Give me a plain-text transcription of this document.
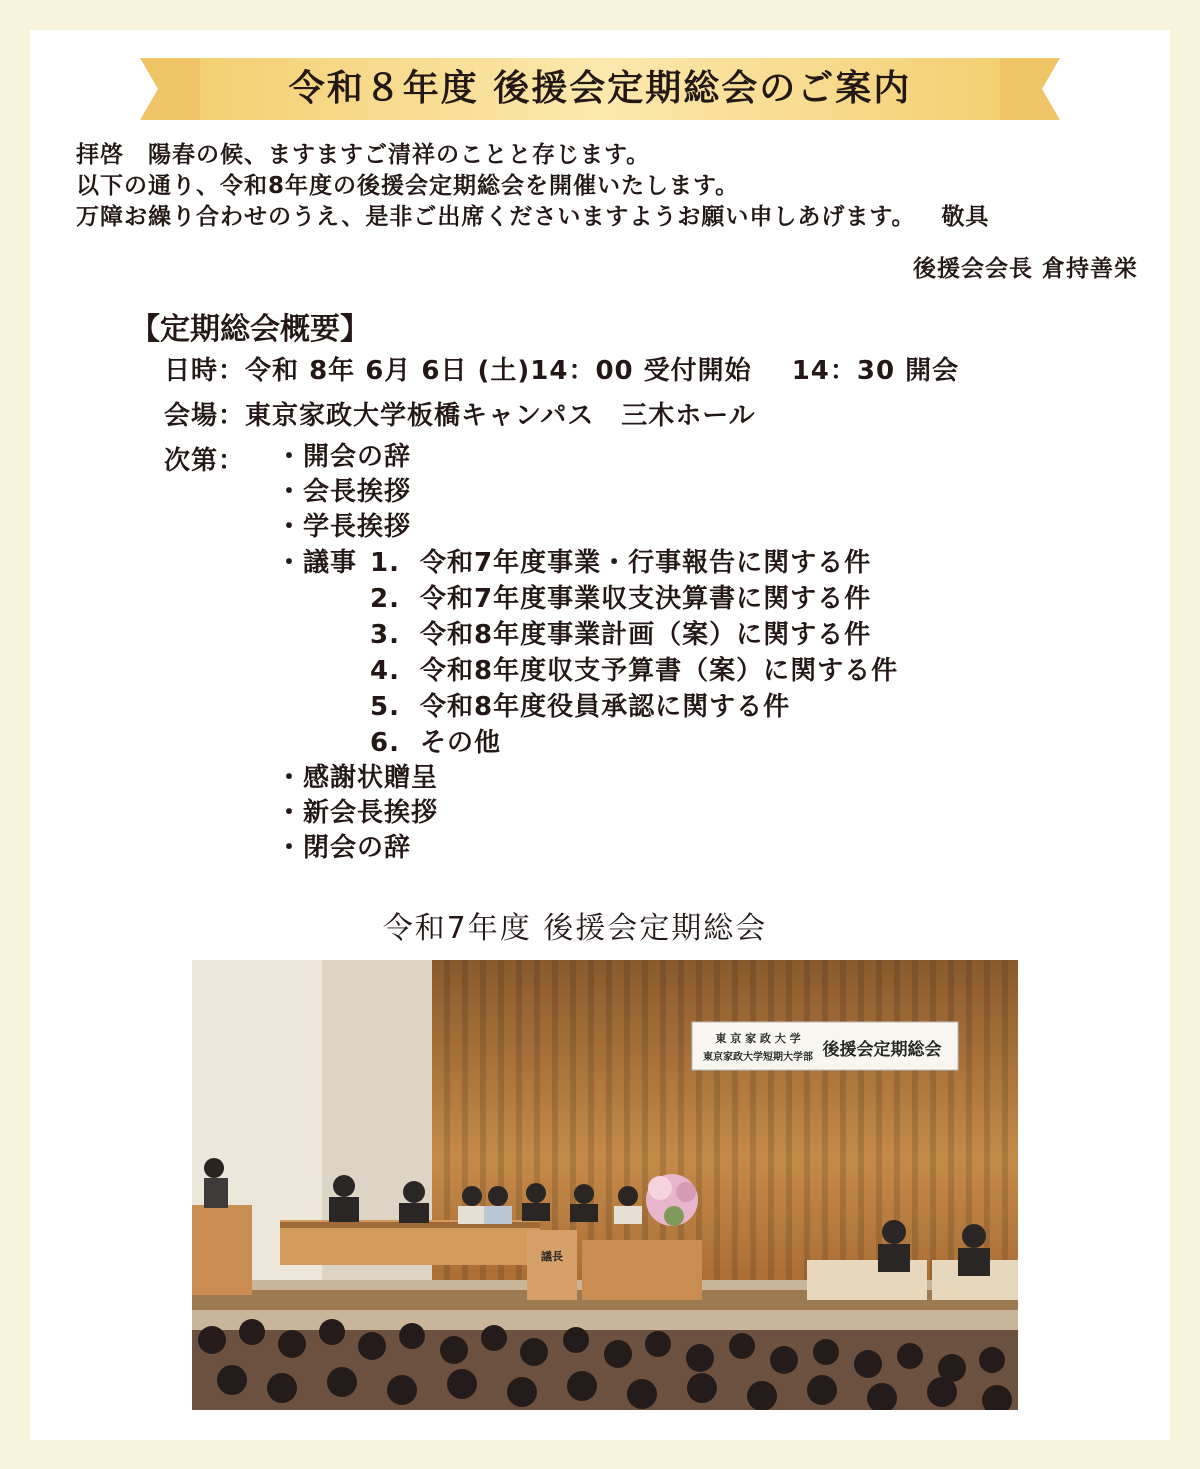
令和８年度 後援会定期総会のご案内
拝啓　陽春の候、ますますご清祥のことと存じます。
以下の通り、令和8年度の後援会定期総会を開催いたします。
万障お繰り合わせのうえ、是非ご出席くださいますようお願い申しあげます。 敬具
後援会会長 倉持善栄
【定期総会概要】
日時：令和 8年 6月 6日 (土)14：00 受付開始 14：30 開会
会場：東京家政大学板橋キャンパス　三木ホール
次第： ・開会の辞
・会長挨拶
・学長挨拶
・議事 1. 令和7年度事業・行事報告に関する件
2. 令和7年度事業収支決算書に関する件
3. 令和8年度事業計画（案）に関する件
4. 令和8年度収支予算書（案）に関する件
5. 令和8年度役員承認に関する件
6. その他
・感謝状贈呈
・新会長挨拶
・閉会の辞
令和7年度 後援会定期総会
東 京 家 政 大 学
東京家政大学短期大学部 後援会定期総会
議長
